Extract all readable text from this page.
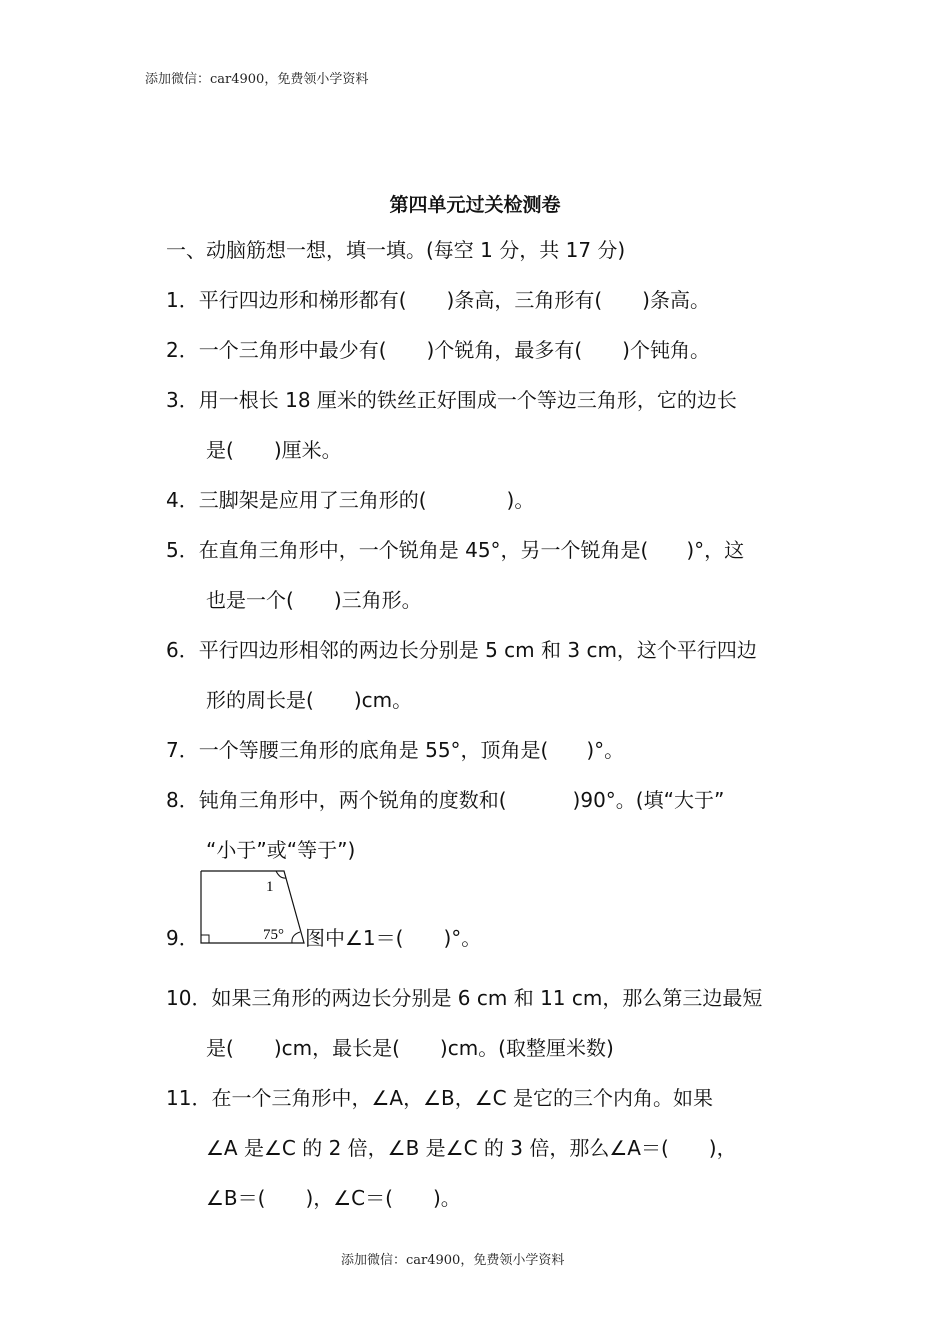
添加微信：car4900，免费领小学资料
第四单元过关检测卷
一、动脑筋想一想，填一填。(每空 1 分，共 17 分)
1．平行四边形和梯形都有( )条高，三角形有( )条高。
2．一个三角形中最少有( )个锐角，最多有( )个钝角。
3．用一根长 18 厘米的铁丝正好围成一个等边三角形，它的边长
是( )厘米。
4．三脚架是应用了三角形的(	)。
5．在直角三角形中，一个锐角是 45°，另一个锐角是( )°，这
也是一个( )三角形。
6．平行四边形相邻的两边长分别是 5 cm 和 3 cm，这个平行四边
形的周长是( )cm。
7．一个等腰三角形的底角是 55°，顶角是( )°。
8．钝角三角形中，两个锐角的度数和(	)90°。(填“大于”
“小于”或“等于”)
1
75°
9．	图中∠1＝( )°。
10．如果三角形的两边长分别是 6 cm 和 11 cm，那么第三边最短
是( )cm，最长是( )cm。(取整厘米数)
11．在一个三角形中，∠A，∠B，∠C 是它的三个内角。如果
∠A 是∠C 的 2 倍，∠B 是∠C 的 3 倍，那么∠A＝( )，
∠B＝( )，∠C＝( )。
添加微信：car4900，免费领小学资料
